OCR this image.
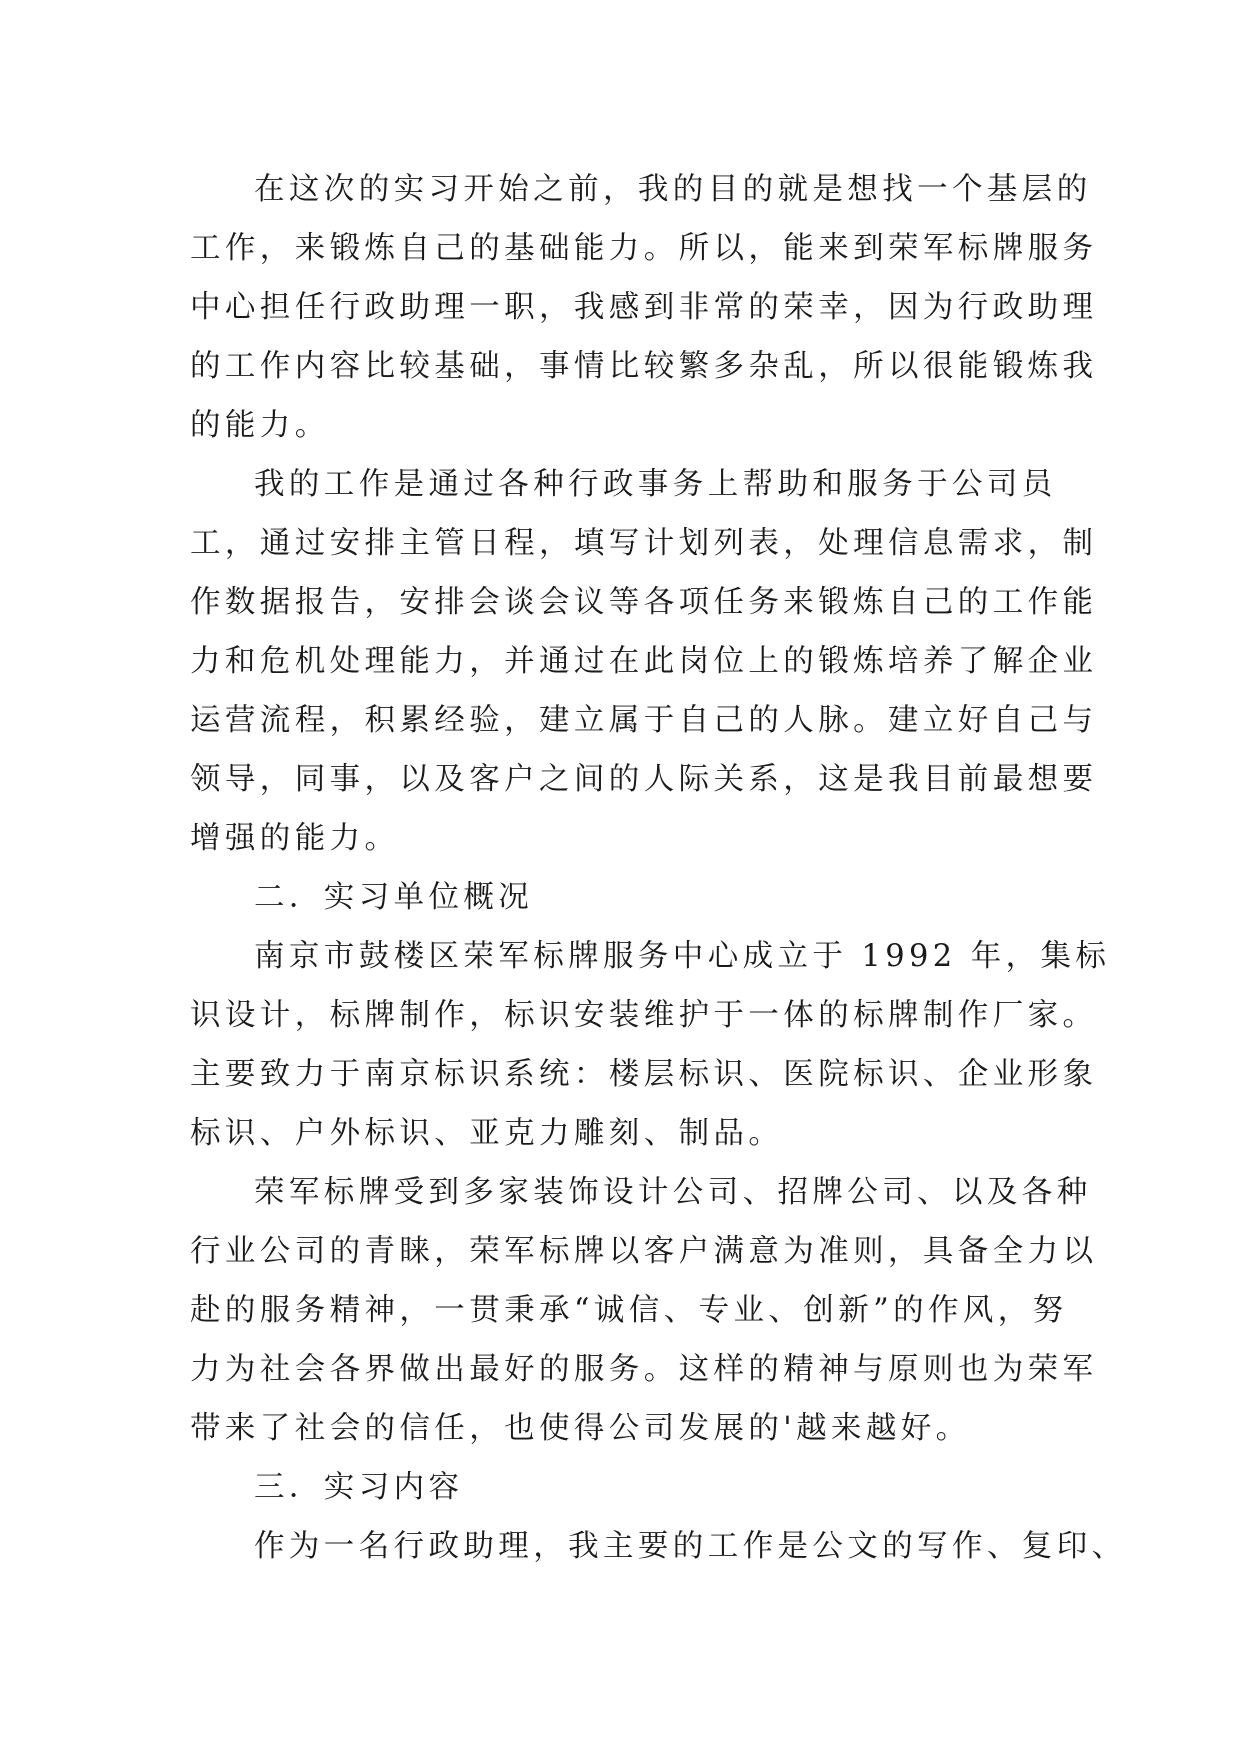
在这次的实习开始之前，我的目的就是想找一个基层的
工作，来锻炼自己的基础能力。所以，能来到荣军标牌服务
中心担任行政助理一职，我感到非常的荣幸，因为行政助理
的工作内容比较基础，事情比较繁多杂乱，所以很能锻炼我
的能力。
我的工作是通过各种行政事务上帮助和服务于公司员
工，通过安排主管日程，填写计划列表，处理信息需求，制
作数据报告，安排会谈会议等各项任务来锻炼自己的工作能
力和危机处理能力，并通过在此岗位上的锻炼培养了解企业
运营流程，积累经验，建立属于自己的人脉。建立好自己与
领导，同事，以及客户之间的人际关系，这是我目前最想要
增强的能力。
二．实习单位概况
南京市鼓楼区荣军标牌服务中心成立于 1992 年，集标
识设计，标牌制作，标识安装维护于一体的标牌制作厂家。
主要致力于南京标识系统：楼层标识、医院标识、企业形象
标识、户外标识、亚克力雕刻、制品。
荣军标牌受到多家装饰设计公司、招牌公司、以及各种
行业公司的青睐，荣军标牌以客户满意为准则，具备全力以
赴的服务精神，一贯秉承“诚信、专业、创新”的作风，努
力为社会各界做出最好的服务。这样的精神与原则也为荣军
带来了社会的信任，也使得公司发展的'越来越好。
三．实习内容
作为一名行政助理，我主要的工作是公文的写作、复印、
